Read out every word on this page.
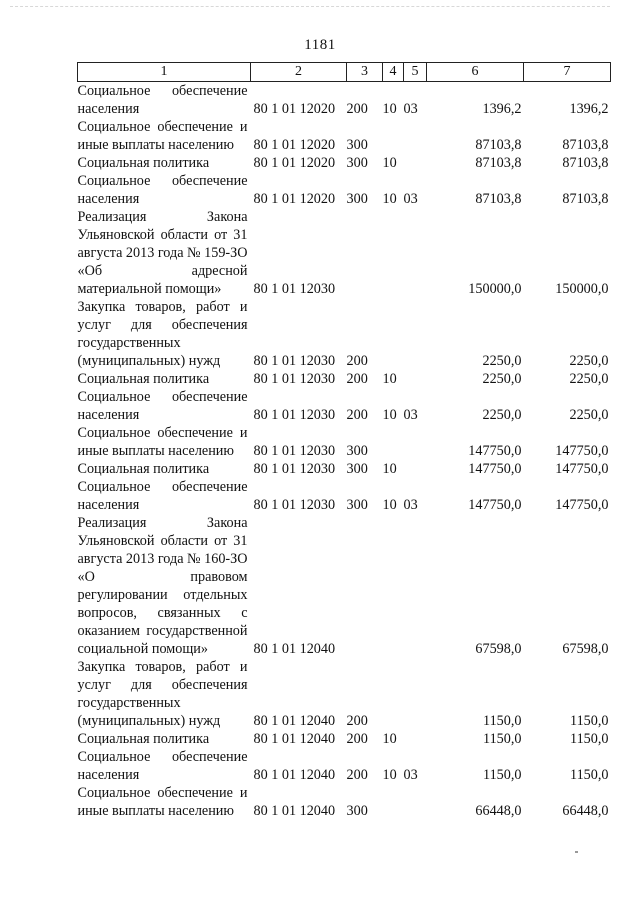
1181
1	2	3	4	5	6	7
Социальное обеспечение населения	80 1 01 12020	200	10	03	1396,2	1396,2
Социальное обеспечение и иные выплаты населению	80 1 01 12020	300			87103,8	87103,8
Социальная политика	80 1 01 12020	300	10		87103,8	87103,8
Социальное обеспечение населения	80 1 01 12020	300	10	03	87103,8	87103,8
Реализация Закона Ульяновской области от 31 августа 2013 года № 159-ЗО «Об адресной материальной помощи»	80 1 01 12030				150000,0	150000,0
Закупка товаров, работ и услуг для обеспечения государственных (муниципальных) нужд	80 1 01 12030	200			2250,0	2250,0
Социальная политика	80 1 01 12030	200	10		2250,0	2250,0
Социальное обеспечение населения	80 1 01 12030	200	10	03	2250,0	2250,0
Социальное обеспечение и иные выплаты населению	80 1 01 12030	300			147750,0	147750,0
Социальная политика	80 1 01 12030	300	10		147750,0	147750,0
Социальное обеспечение населения	80 1 01 12030	300	10	03	147750,0	147750,0
Реализация Закона Ульяновской области от 31 августа 2013 года № 160-ЗО «О правовом регулировании отдельных вопросов, связанных с оказанием государственной социальной помощи»	80 1 01 12040				67598,0	67598,0
Закупка товаров, работ и услуг для обеспечения государственных (муниципальных) нужд	80 1 01 12040	200			1150,0	1150,0
Социальная политика	80 1 01 12040	200	10		1150,0	1150,0
Социальное обеспечение населения	80 1 01 12040	200	10	03	1150,0	1150,0
Социальное обеспечение и иные выплаты населению	80 1 01 12040	300			66448,0	66448,0
